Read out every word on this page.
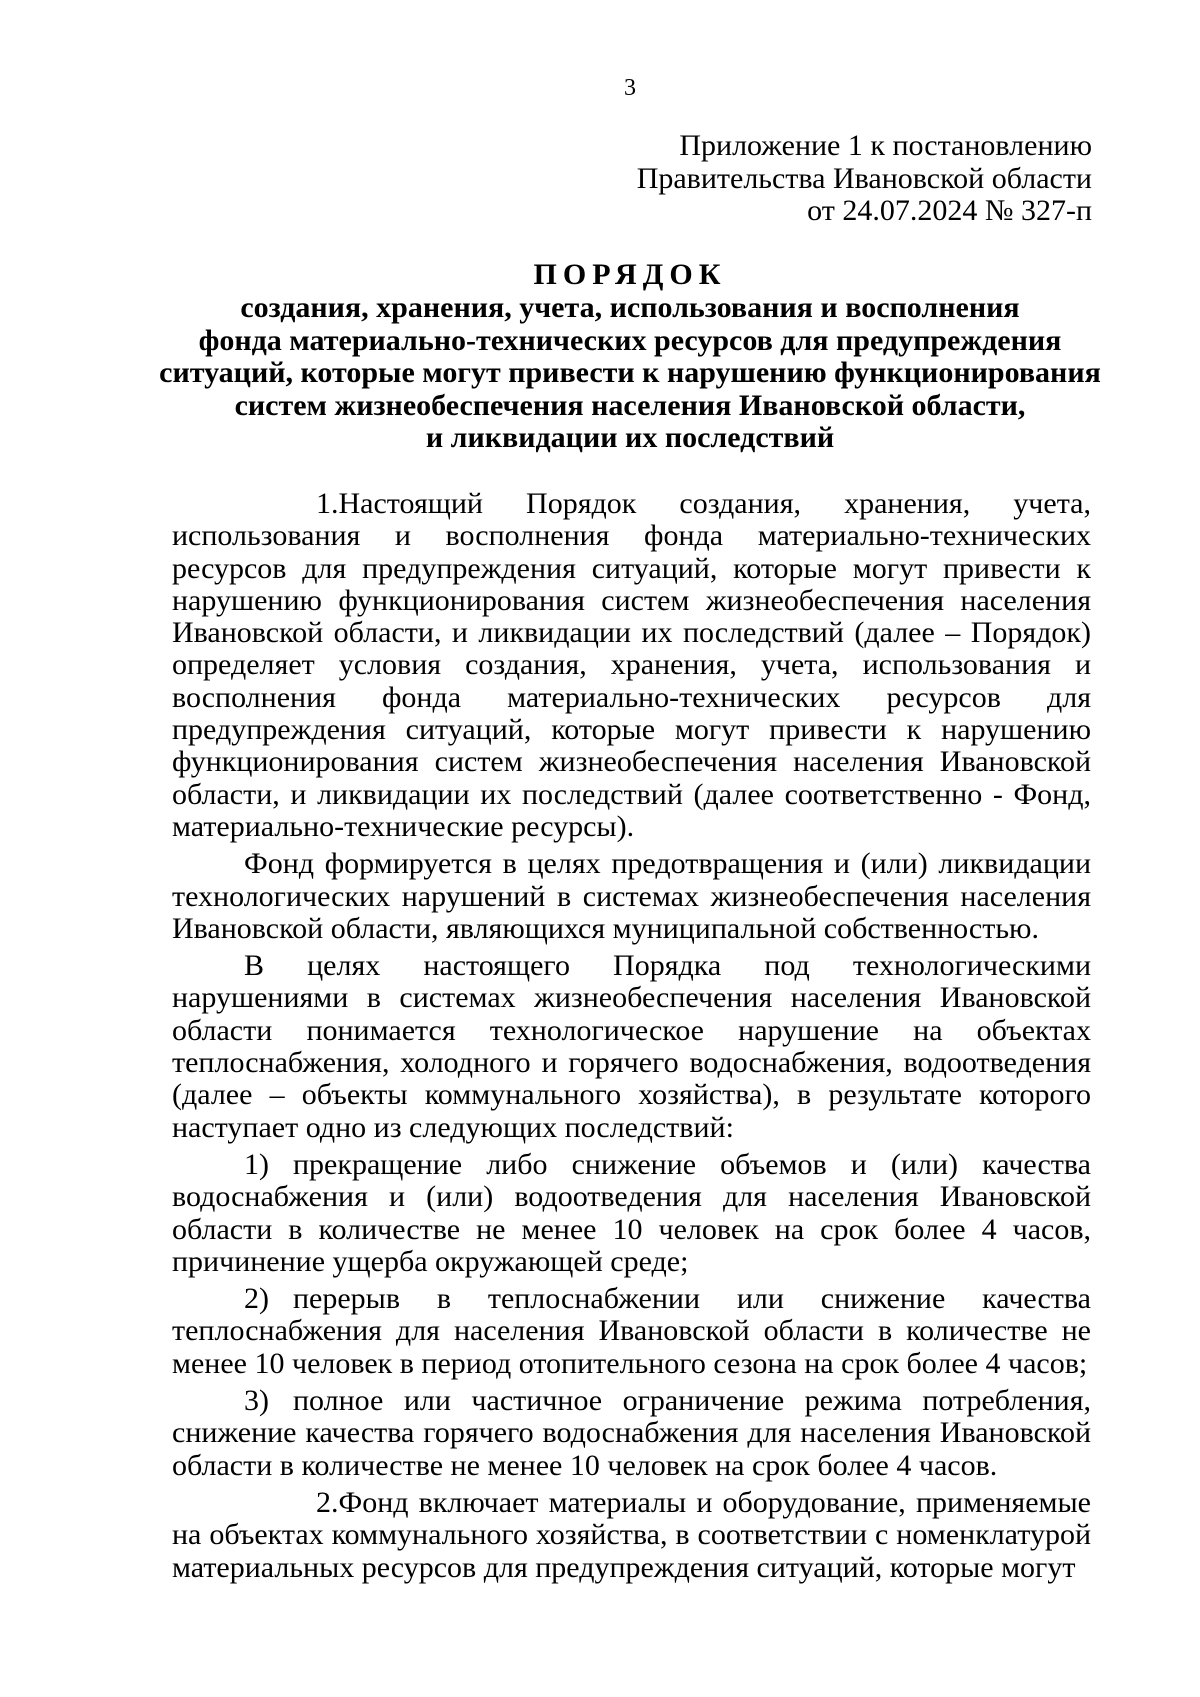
3
Приложение 1 к постановлению
Правительства Ивановской области
от 24.07.2024 № 327-п
ПОРЯДОК
создания, хранения, учета, использования и восполнения
фонда материально-технических ресурсов для предупреждения
ситуаций, которые могут привести к нарушению функционирования
систем жизнеобеспечения населения Ивановской области,
и ликвидации их последствий

1.Настоящий Порядок создания, хранения, учета, использования и восполнения фонда материально-технических ресурсов для предупреждения ситуаций, которые могут привести к нарушению функционирования систем жизнеобеспечения населения Ивановской области, и ликвидации их последствий (далее – Порядок) определяет условия создания, хранения, учета, использования и восполнения фонда материально-технических ресурсов для предупреждения ситуаций, которые могут привести к нарушению функционирования систем жизнеобеспечения населения Ивановской области, и ликвидации их последствий (далее соответственно - Фонд, материально-технические ресурсы).

Фонд формируется в целях предотвращения и (или) ликвидации технологических нарушений в системах жизнеобеспечения населения Ивановской области, являющихся муниципальной собственностью.

В целях настоящего Порядка под технологическими нарушениями в системах жизнеобеспечения населения Ивановской области понимается технологическое нарушение на объектах теплоснабжения, холодного и горячего водоснабжения, водоотведения (далее – объекты коммунального хозяйства), в результате которого наступает одно из следующих последствий:

1) прекращение либо снижение объемов и (или) качества водоснабжения и (или) водоотведения для населения Ивановской области в количестве не менее 10 человек на срок более 4 часов, причинение ущерба окружающей среде;

2) перерыв в теплоснабжении или снижение качества теплоснабжения для населения Ивановской области в количестве не менее 10 человек в период отопительного сезона на срок более 4 часов;

3) полное или частичное ограничение режима потребления, снижение качества горячего водоснабжения для населения Ивановской области в количестве не менее 10 человек на срок более 4 часов.

2.Фонд включает материалы и оборудование, применяемые на объектах коммунального хозяйства, в соответствии с номенклатурой материальных ресурсов для предупреждения ситуаций, которые могут
